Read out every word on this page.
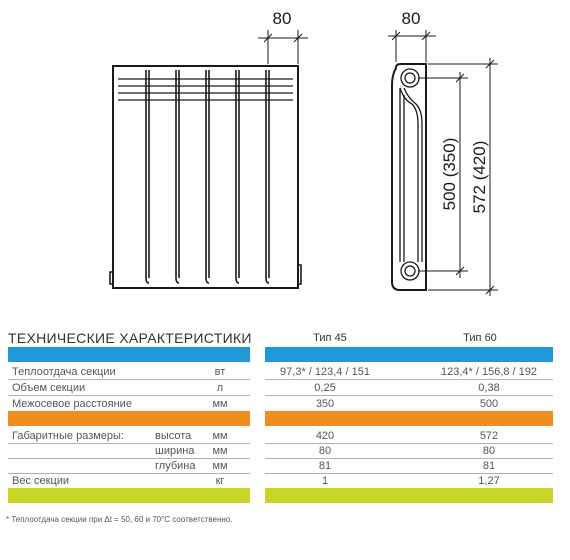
80	80
500 (350) 572 (420)
ТЕХНИЧЕСКИЕ ХАРАКТЕРИСТИКИ	Тип 45	Тип 60
Теплоотдача секции	вт	97,3* / 123,4 / 151	123,4* / 156,8 / 192
Объем секции	л	0,25	0,38
Межосевое расстояние	мм	350	500
Габаритные размеры:	высота	мм	420	572
ширина	мм	80	80
глубина	мм	81	81
Вес секции	кг	1	1,27
* Теплоотдача секции при Δt = 50, 60 и 70°С соответственно.
